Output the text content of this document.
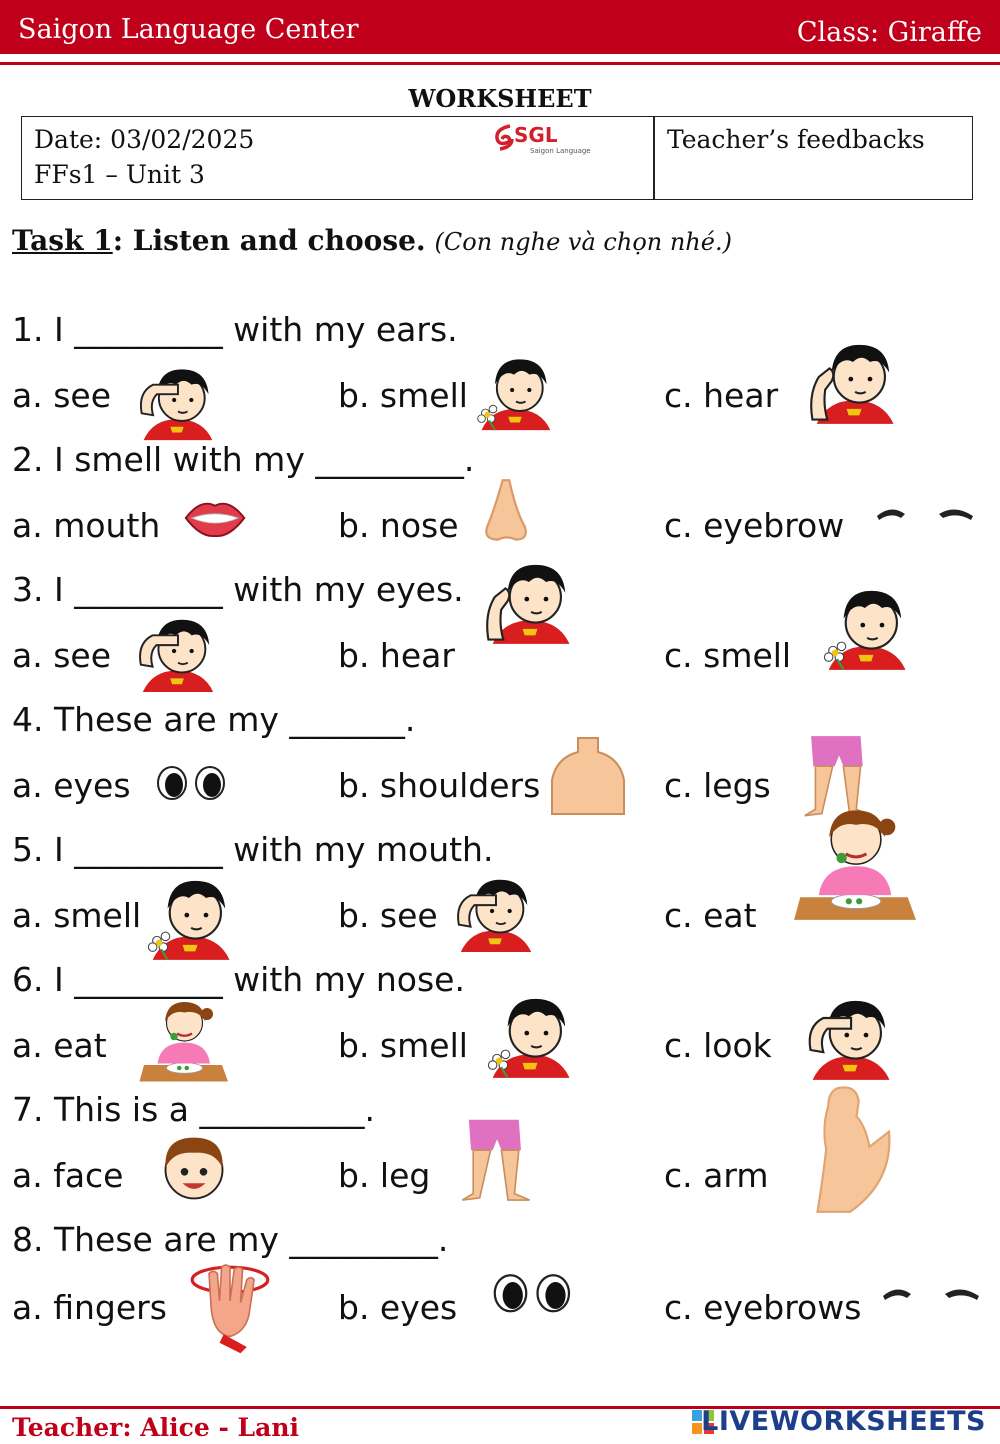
Saigon Language Center	Class: Giraffe
WORKSHEET
Date: 03/02/2025
FFs1 – Unit 3
SGL
Saigon Language	Teacher’s feedbacks
Task 1: Listen and choose. (Con nghe và chọn nhé.)
1. I _________ with my ears.
a. see	b. smell	c. hear
2. I smell with my _________.
a. mouth	b. nose	c. eyebrow
3. I _________ with my eyes.
a. see	b. hear	c. smell
4. These are my _______.
a. eyes	b. shoulders	c. legs
5. I _________ with my mouth.
a. smell	b. see	c. eat
6. I _________ with my nose.
a. eat	b. smell	c. look
7. This is a __________.
a. face	b. leg	c. arm
8. These are my _________.
a. fingers	b. eyes	c. eyebrows
Teacher: Alice - Lani	LIVEWORKSHEETS
